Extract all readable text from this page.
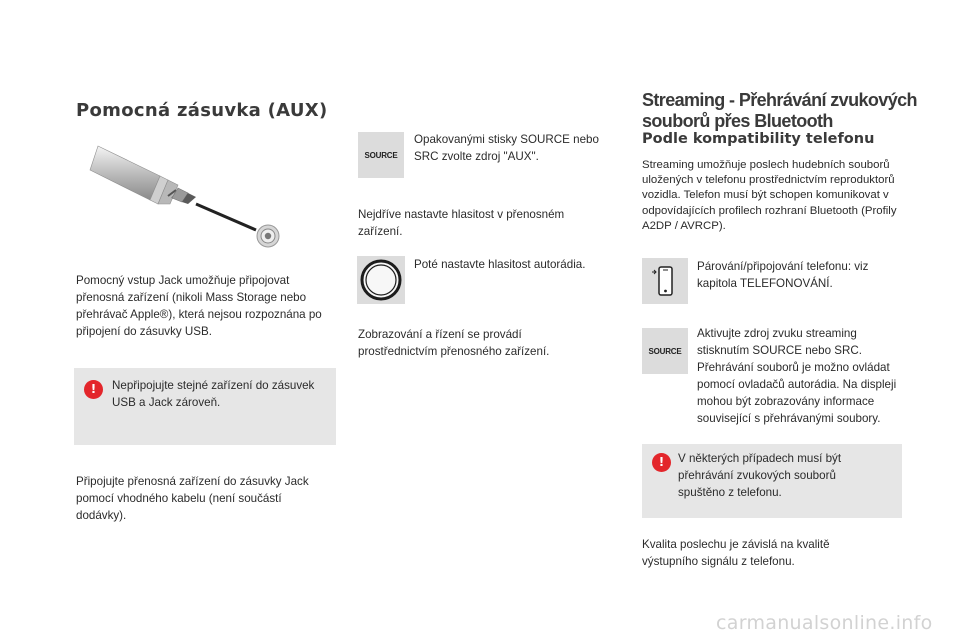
Pomocná zásuvka (AUX)
Pomocný vstup Jack umožňuje připojovat přenosná zařízení (nikoli Mass Storage nebo přehrávač Apple®), která nejsou rozpoznána po připojení do zásuvky USB.
!	Nepřipojujte stejné zařízení do zásuvek USB a Jack zároveň.
Připojujte přenosná zařízení do zásuvky Jack pomocí vhodného kabelu (není součástí dodávky).
SOURCE
Opakovanými stisky SOURCE nebo SRC zvolte zdroj "AUX".
Nejdříve nastavte hlasitost v přenosném zařízení.
Poté nastavte hlasitost autorádia.
Zobrazování a řízení se provádí prostřednictvím přenosného zařízení.
Streaming - Přehrávání zvukových souborů přes Bluetooth
Podle kompatibility telefonu
Streaming umožňuje poslech hudebních souborů uložených v telefonu prostřednictvím reproduktorů vozidla. Telefon musí být schopen komunikovat v odpovídajících profilech rozhraní Bluetooth (Profily A2DP / AVRCP).
Párování/připojování telefonu: viz kapitola TELEFONOVÁNÍ.
SOURCE
Aktivujte zdroj zvuku streaming stisknutím SOURCE nebo SRC. Přehrávání souborů je možno ovládat pomocí ovladačů autorádia. Na displeji mohou být zobrazovány informace související s přehrávanými soubory.
!	V některých případech musí být přehrávání zvukových souborů spuštěno z telefonu.
Kvalita poslechu je závislá na kvalitě výstupního signálu z telefonu.
carmanualsonline.info
